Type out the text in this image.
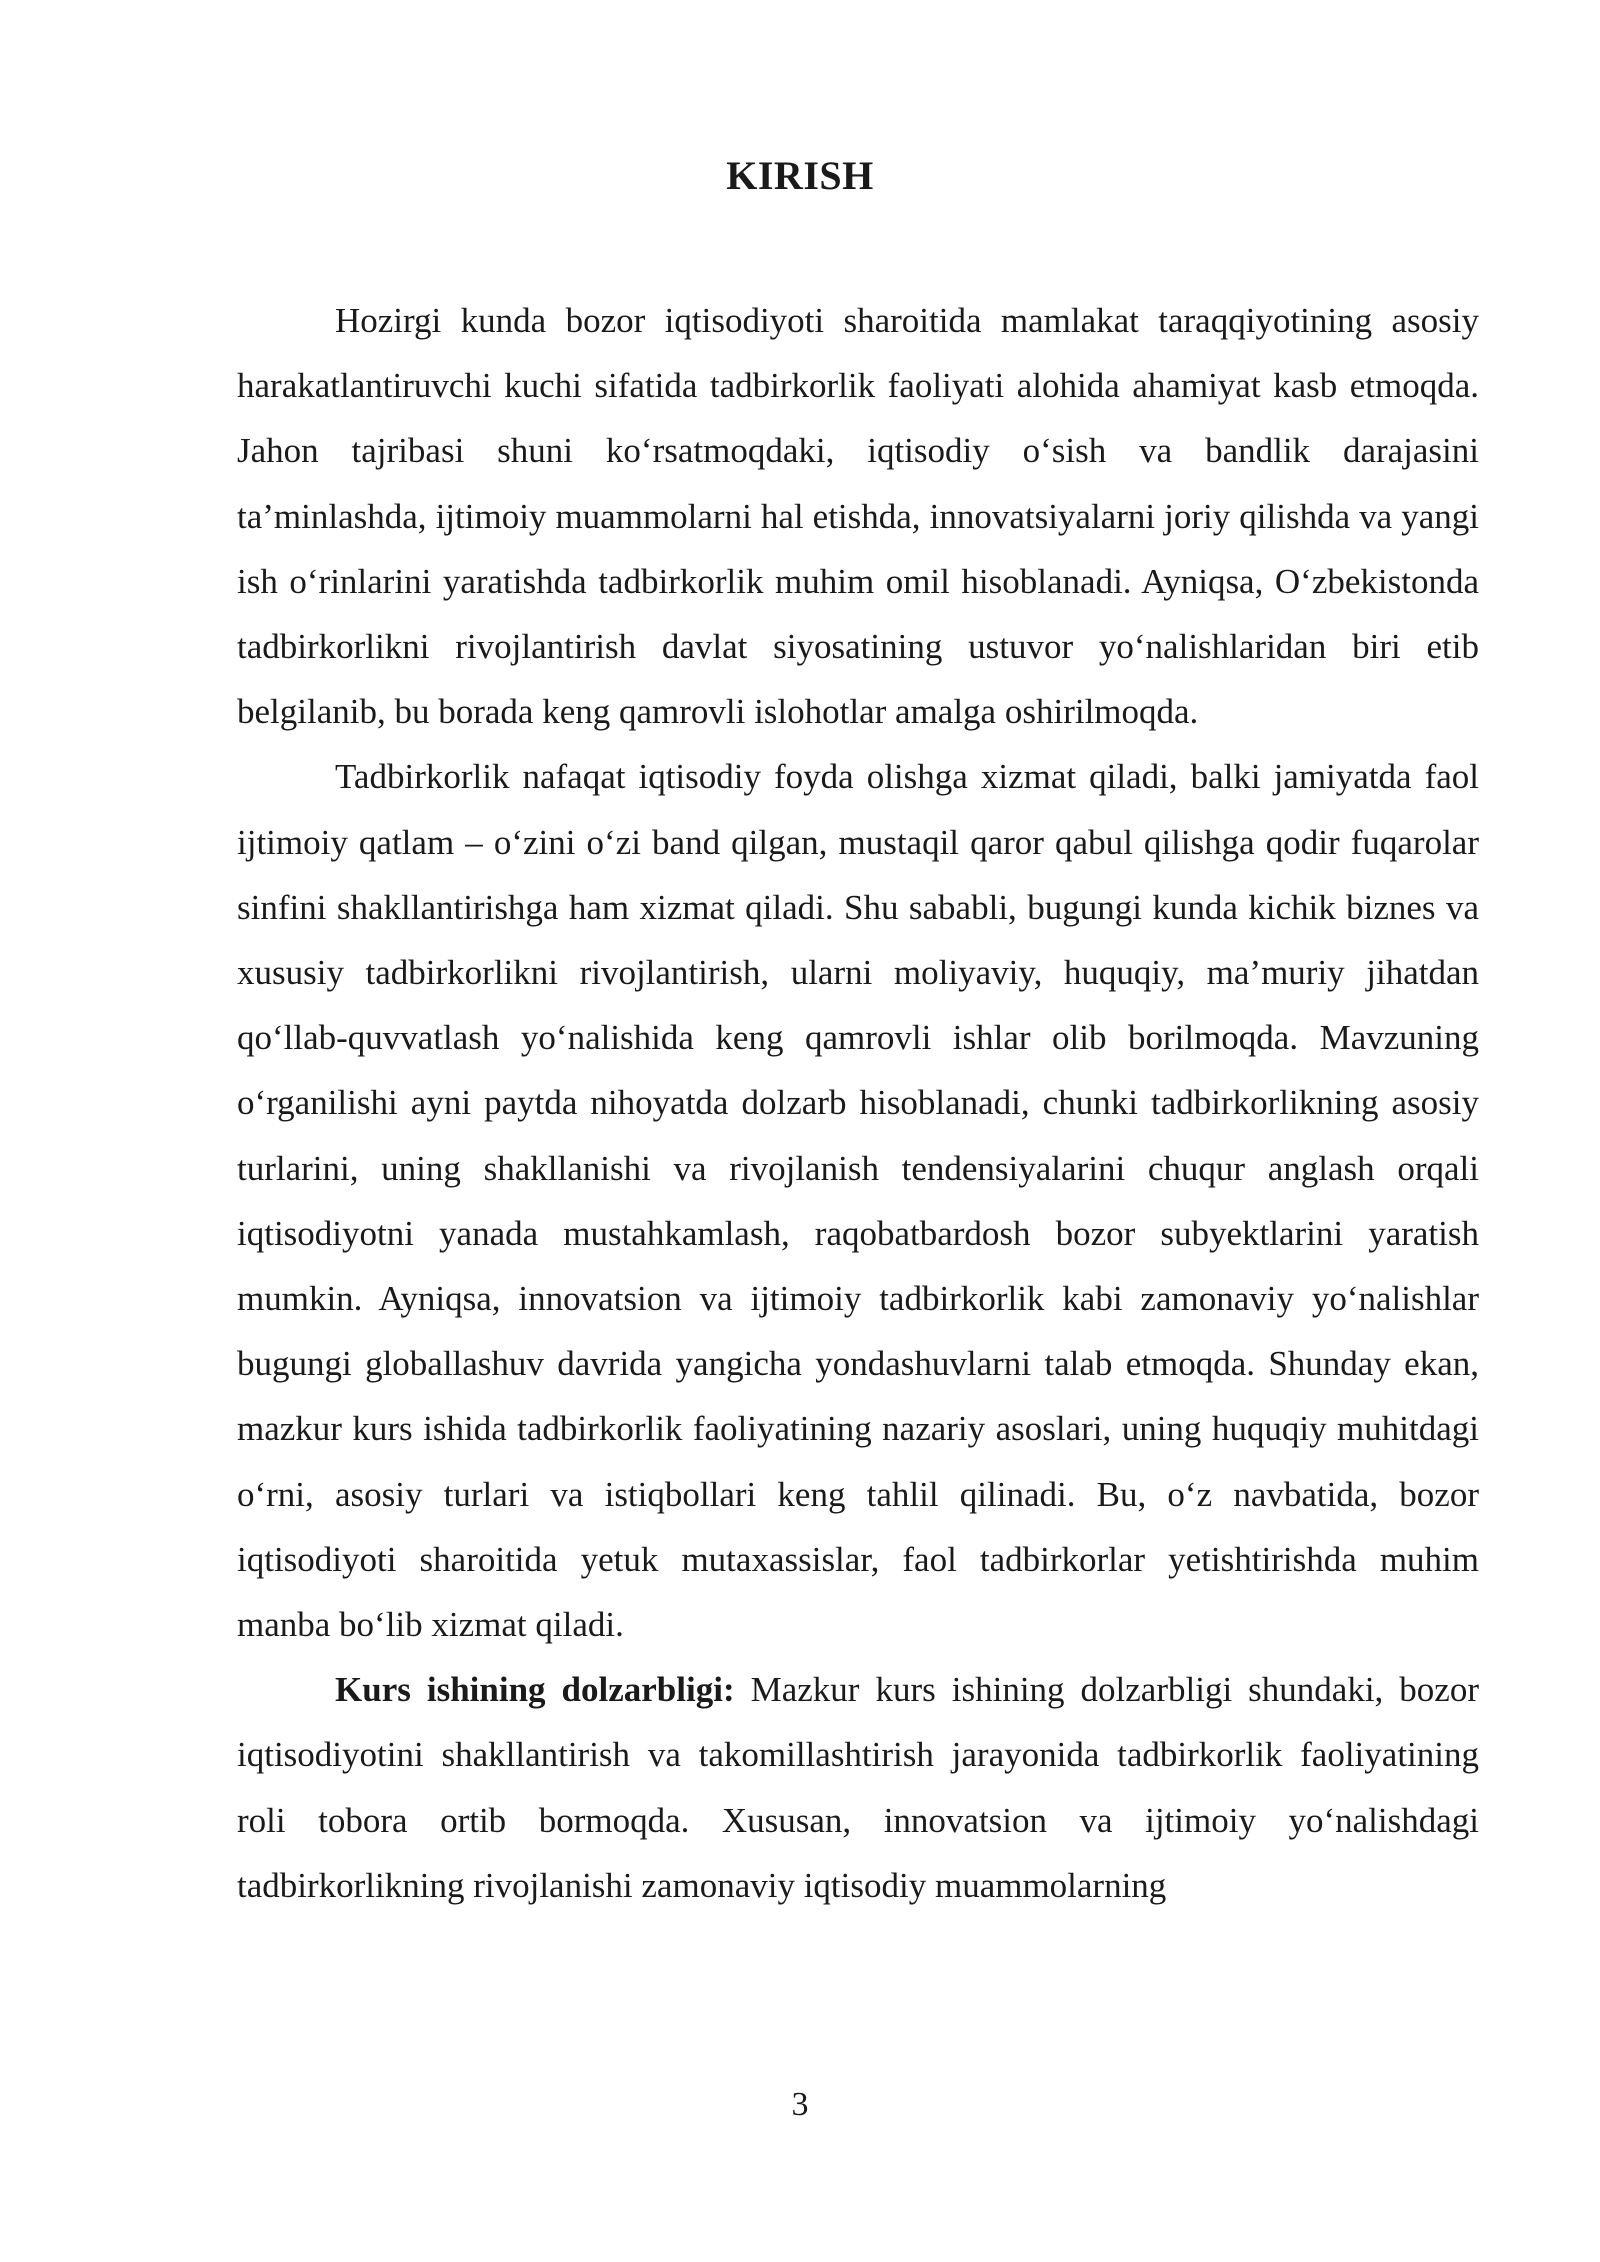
KIRISH

Hozirgi kunda bozor iqtisodiyoti sharoitida mamlakat taraqqiyotining asosiy harakatlantiruvchi kuchi sifatida tadbirkorlik faoliyati alohida ahamiyat kasb etmoqda. Jahon tajribasi shuni ko‘rsatmoqdaki, iqtisodiy o‘sish va bandlik darajasini ta’minlashda, ijtimoiy muammolarni hal etishda, innovatsiyalarni joriy qilishda va yangi ish o‘rinlarini yaratishda tadbirkorlik muhim omil hisoblanadi. Ayniqsa, O‘zbekistonda tadbirkorlikni rivojlantirish davlat siyosatining ustuvor yo‘nalishlaridan biri etib belgilanib, bu borada keng qamrovli islohotlar amalga oshirilmoqda.

Tadbirkorlik nafaqat iqtisodiy foyda olishga xizmat qiladi, balki jamiyatda faol ijtimoiy qatlam – o‘zini o‘zi band qilgan, mustaqil qaror qabul qilishga qodir fuqarolar sinfini shakllantirishga ham xizmat qiladi. Shu sababli, bugungi kunda kichik biznes va xususiy tadbirkorlikni rivojlantirish, ularni moliyaviy, huquqiy, ma’muriy jihatdan qo‘llab-quvvatlash yo‘nalishida keng qamrovli ishlar olib borilmoqda. Mavzuning o‘rganilishi ayni paytda nihoyatda dolzarb hisoblanadi, chunki tadbirkorlikning asosiy turlarini, uning shakllanishi va rivojlanish tendensiyalarini chuqur anglash orqali iqtisodiyotni yanada mustahkamlash, raqobatbardosh bozor subyektlarini yaratish mumkin. Ayniqsa, innovatsion va ijtimoiy tadbirkorlik kabi zamonaviy yo‘nalishlar bugungi globallashuv davrida yangicha yondashuvlarni talab etmoqda. Shunday ekan, mazkur kurs ishida tadbirkorlik faoliyatining nazariy asoslari, uning huquqiy muhitdagi o‘rni, asosiy turlari va istiqbollari keng tahlil qilinadi. Bu, o‘z navbatida, bozor iqtisodiyoti sharoitida yetuk mutaxassislar, faol tadbirkorlar yetishtirishda muhim manba bo‘lib xizmat qiladi.

Kurs ishining dolzarbligi: Mazkur kurs ishining dolzarbligi shundaki, bozor iqtisodiyotini shakllantirish va takomillashtirish jarayonida tadbirkorlik faoliyatining roli tobora ortib bormoqda. Xususan, innovatsion va ijtimoiy yo‘nalishdagi tadbirkorlikning rivojlanishi zamonaviy iqtisodiy muammolarning

3
